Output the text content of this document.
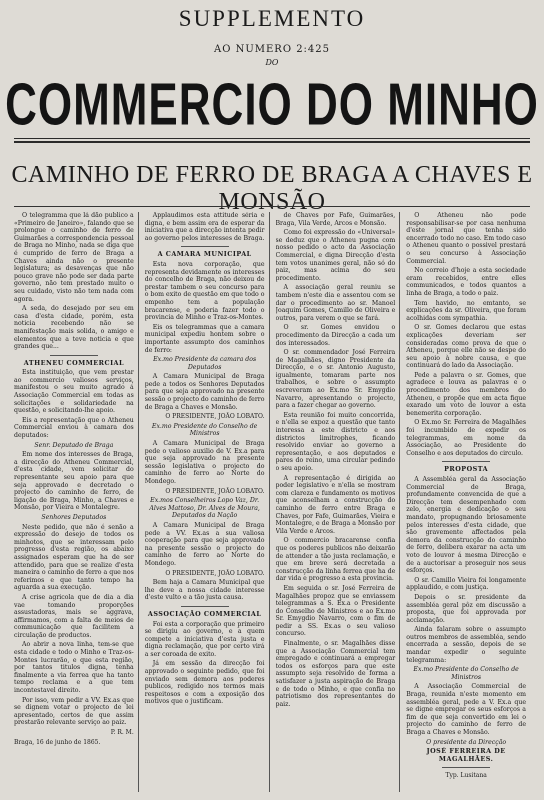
SUPPLEMENTO
AO NUMERO 2:425
DO
COMMERCIO DO MINHO
CAMINHO DE FERRO DE BRAGA A CHAVES E MONSÃO

O telegramma que lá dão publico a «Primeiro de Janeiro», falando que se prolongue o caminho de ferro de Guimarães a correspondencia pessoal de Braga no Minho, nada se diga que é cumprido de ferro de Braga a Chaves ainda não o presente legislatura; as desavenças que não pouco grave não pode ser dada parte governo, não tem prestado muito o seu cuidado, visto não tem nada com agora.

A seda, do desejado por seu em casa d'esta cidade, porém, esta noticia recebendo não se manifestação mais solida, o amigo e elementos que a teve noticia e que grandes que...

ATHENEU COMMERCIAL

Esta instituição, que vem prestar ao commercio valiosos serviços, manifestou o seu muito agrado á Associação Commercial em todas as solicitações e solidariedade na questão, e solicitando-lhe apoio.

Eis a representação que o Atheneu Commercial enviou à camara dos deputados:

Senr. Deputado de Braga

Em nome dos interesses de Braga, a direcção do Atheneu Commercial, d'esta cidade, vem solicitar do representante seu apoio para que seja approvado e decretado o projecto do caminho de ferro, de ligação de Braga, Minho, a Chaves e Monsão, por Vieira e Montalegre.

Senhores Deputados

Neste pedido, que não é senão a expressão do desejo de todos os minhotos, que se interessam pelo progresso d'esta região, os abaixo assignados esperam que ha de ser attendido, para que se realize d'esta maneira o caminho de ferro a que nos referimos e que tanto tempo ha aguarda a sua execução.

A crise agricola que de dia a dia vae tomando proporções assustadoras, mais se aggrava, affirmamos, com a falta de meios de communicação que facilitem a circulação de productos.

Ao abrir a nova linha, tem-se que esta cidade e todo o Minho e Traz-os-Montes lucrarão, e que esta região, por tantos titulos digna, tenha finalmente a via ferrea que ha tanto tempo reclama e a que tem incontestavel direito.

Por isso, vem pedir a VV. Ex.as que se dignem votar o projecto de lei apresentado, certos de que assim prestarão relevante serviço ao paiz.

P. R. M.

Braga, 16 de junho de 1865.

Applaudimos esta attitude séria e digna, e bem assim era de esperar da iniciativa que a direcção intenta pedir ao governo pelos interesses de Braga.

A CAMARA MUNICIPAL

Esta nova corporação, que representa devidamente os interesses do concelho de Braga, não deixou de prestar tambem o seu concurso para o bom exito de questão em que todo o empenho tem a população bracarense, e poderia fazer todo o provincia de Minho e Traz-os-Montes.

Eis os telegrammas que a camara municipal expediu hontem sobre o importante assumpto dos caminhos de ferro:

Ex.mo Presidente da camara dos Deputados

A Camara Municipal de Braga pede a todos os Senhores Deputados para que seja approvado na presente sessão o projecto do caminho de ferro de Braga a Chaves e Monsão.

O PRESIDENTE, JOÃO LOBATO.

Ex.mo Presidente do Conselho de Ministros

A Camara Municipal de Braga pede o valioso auxilio de V. Ex.a para que seja approvado na presente sessão legislativa o projecto do caminho de ferro ao Norte do Mondego.

O PRESIDENTE, JOÃO LOBATO.

Ex.mos Conselheiros Lopo Vaz, Dr. Alves Mattoso, Dr. Alves de Moura, Deputados da Nação

A Camara Municipal de Braga pede a VV. Ex.as a sua valiosa cooperação para que seja approvado na presente sessão o projecto do caminho de ferro ao Norte do Mondego.

O PRESIDENTE, JOÃO LOBATO.

Bem haja a Camara Municipal que lhe deve a nossa cidade interesse d'este vulto e a tão justa causa.

ASSOCIAÇÃO COMMERCIAL

Foi esta a corporação que primeiro se dirigiu ao governo, e a quem compete a iniciativa d'esta justa e digna reclamação, que por certo virá a ser coroada de exito.

Já em sessão da direcção foi approvado o seguinte pedido, que foi enviado sem demora aos poderes publicos, redigido nos termos mais respeitosos e com a exposição dos motivos que o justificam.

de Chaves por Fafe, Guimarães, Braga, Vila Verde, Arcos e Monsão.

Como foi expressão do «Universal» se deduz que o Atheneu pugna com nosso pedido o acto da Associação Commercial, e digna Direcção d'esta tem votos unanimes geral, não só do paiz, mas acima do seu procedimento.

A associação geral reuniu se tambem n'este dia e assentou com se dar o procedimento ao sr. Manoel Joaquim Gomes, Camillo de Oliveira e outros, para verem o que se fará.

O sr. Gomes envidou o procedimento da Direcção a cada um dos interessados.

O sr. commendador José Ferreira de Magalhães, digno Presidente da Direcção, e o sr. Antonio Augusto, igualmente, tomaram parte nos trabalhos, e sobre o assumpto escreveram ao Ex.mo Sr. Emygdio Navarro, apresentando o projecto, para a fazer chegar ao governo.

Esta reunião foi muito concorrida, e n'ella se expoz a questão que tanto interessa a este districto e aos districtos limitrophes, ficando resolvido enviar ao governo a representação, e aos deputados e pares do reino, uma circular pedindo o seu apoio.

A representação é dirigida ao poder legislativo e n'ella se mostram com clareza e fundamento os motivos que aconselham a construcção do caminho de ferro entre Braga e Chaves, por Fafe, Guimarães, Vieira e Montalegre, e de Braga a Monsão por Vila Verde e Arcos.

O commercio bracarense confia que os poderes publicos não deixarão de attender a tão justa reclamação, e que em breve será decretada a construcção da linha ferrea que ha de dar vida e progresso a esta provincia.

Em seguida o sr. José Ferreira de Magalhães propoz que se enviassem telegrammas a S. Ex.a o Presidente do Conselho de Ministros e ao Ex.mo Sr. Emygdio Navarro, com o fim de pedir a SS. Ex.as o seu valioso concurso.

Finalmente, o sr. Magalhães disse que a Associação Commercial tem empregado e continuará a empregar todos os esforços para que este assumpto seja resolvido de forma a satisfazer a justa aspiração de Braga e de todo o Minho, e que confia no patriotismo dos representantes do paiz.

O Atheneu não pode responsabilisar-se por casa nenhuma d'este jornal que tenha sido encerrado todo no caso. Em todo caso o Atheneu quanto o possivel prestará o seu concurso à Associação Commercial.

No correio d'hoje a esta sociedade eram recebidos, entre elles communicados, e todos quantos a linha de Braga, a todo o paiz.

Tem havido, no emtanto, se explicações da sr. Oliveira, que foram acolhidas com sympathia.

O sr. Gomes declarou que estas explicações deveriam ser consideradas como prova de que o Atheneu, porque elle não se despe do seu apoio à nobre causa, e que continuará do lado da Associação.

Pede a palavra o sr. Gomes, que agradece e louva as palavras e o procedimento dos membros do Atheneu, e propõe que em acta fique exarado um voto de louvor a esta benemerita corporação.

O Ex.mo Sr. Ferreira de Magalhães foi incumbido de expedir os telegrammas, em nome da Associação, ao Presidente do Conselho e aos deputados do circulo.

PROPOSTA

A Assembléa geral da Associação Commercial de Braga, profundamente convencida de que a Direcção tem desempenhado com zelo, energia e dedicação o seu mandato, propugnando briosamente pelos interesses d'esta cidade, que são gravemente affectados pela demora da construcção do caminho de ferro, delibera exarar na acta um voto de louvor á mesma Direcção e de a auctorisar a proseguir nos seus esforços.

O sr. Camillo Vieira foi longamente applaudido, e com justiça.

Depois o sr. presidente da assembléa geral pôz em discussão a proposta, que foi approvada por acclamação.

Ainda falaram sobre o assumpto outros membros de assembléa, sendo encerrada a sessão, depois de se mandar expedir o seguinte telegramma:

Ex.mo Presidente do Conselho de Ministros

A Associação Commercial de Braga, reunida n'este momento em assembléa geral, pede a V. Ex.a que se digne empregar os seus esforços a fim de que seja convertido em lei o projecto do caminho de ferro de Braga a Chaves e Monsão.

O presidente da Direcção

JOSÉ FERREIRA DE MAGALHÃES.

Typ. Lusitana
